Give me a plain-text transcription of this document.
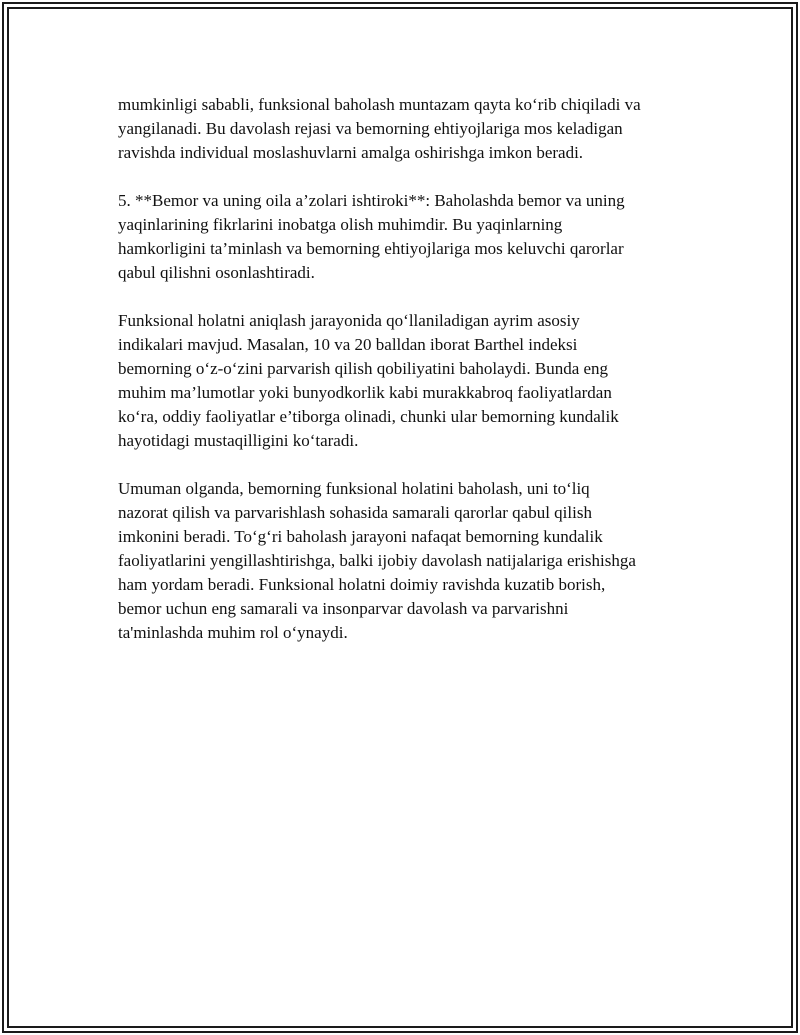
mumkinligi sababli, funksional baholash muntazam qayta ko‘rib chiqiladi va
yangilanadi. Bu davolash rejasi va bemorning ehtiyojlariga mos keladigan
ravishda individual moslashuvlarni amalga oshirishga imkon beradi.

5. **Bemor va uning oila a’zolari ishtiroki**: Baholashda bemor va uning
yaqinlarining fikrlarini inobatga olish muhimdir. Bu yaqinlarning
hamkorligini ta’minlash va bemorning ehtiyojlariga mos keluvchi qarorlar
qabul qilishni osonlashtiradi.

Funksional holatni aniqlash jarayonida qo‘llaniladigan ayrim asosiy
indikalari mavjud. Masalan, 10 va 20 balldan iborat Barthel indeksi
bemorning o‘z-o‘zini parvarish qilish qobiliyatini baholaydi. Bunda eng
muhim ma’lumotlar yoki bunyodkorlik kabi murakkabroq faoliyatlardan
ko‘ra, oddiy faoliyatlar e’tiborga olinadi, chunki ular bemorning kundalik
hayotidagi mustaqilligini ko‘taradi.

Umuman olganda, bemorning funksional holatini baholash, uni to‘liq
nazorat qilish va parvarishlash sohasida samarali qarorlar qabul qilish
imkonini beradi. To‘g‘ri baholash jarayoni nafaqat bemorning kundalik
faoliyatlarini yengillashtirishga, balki ijobiy davolash natijalariga erishishga
ham yordam beradi. Funksional holatni doimiy ravishda kuzatib borish,
bemor uchun eng samarali va insonparvar davolash va parvarishni
ta'minlashda muhim rol o‘ynaydi.
